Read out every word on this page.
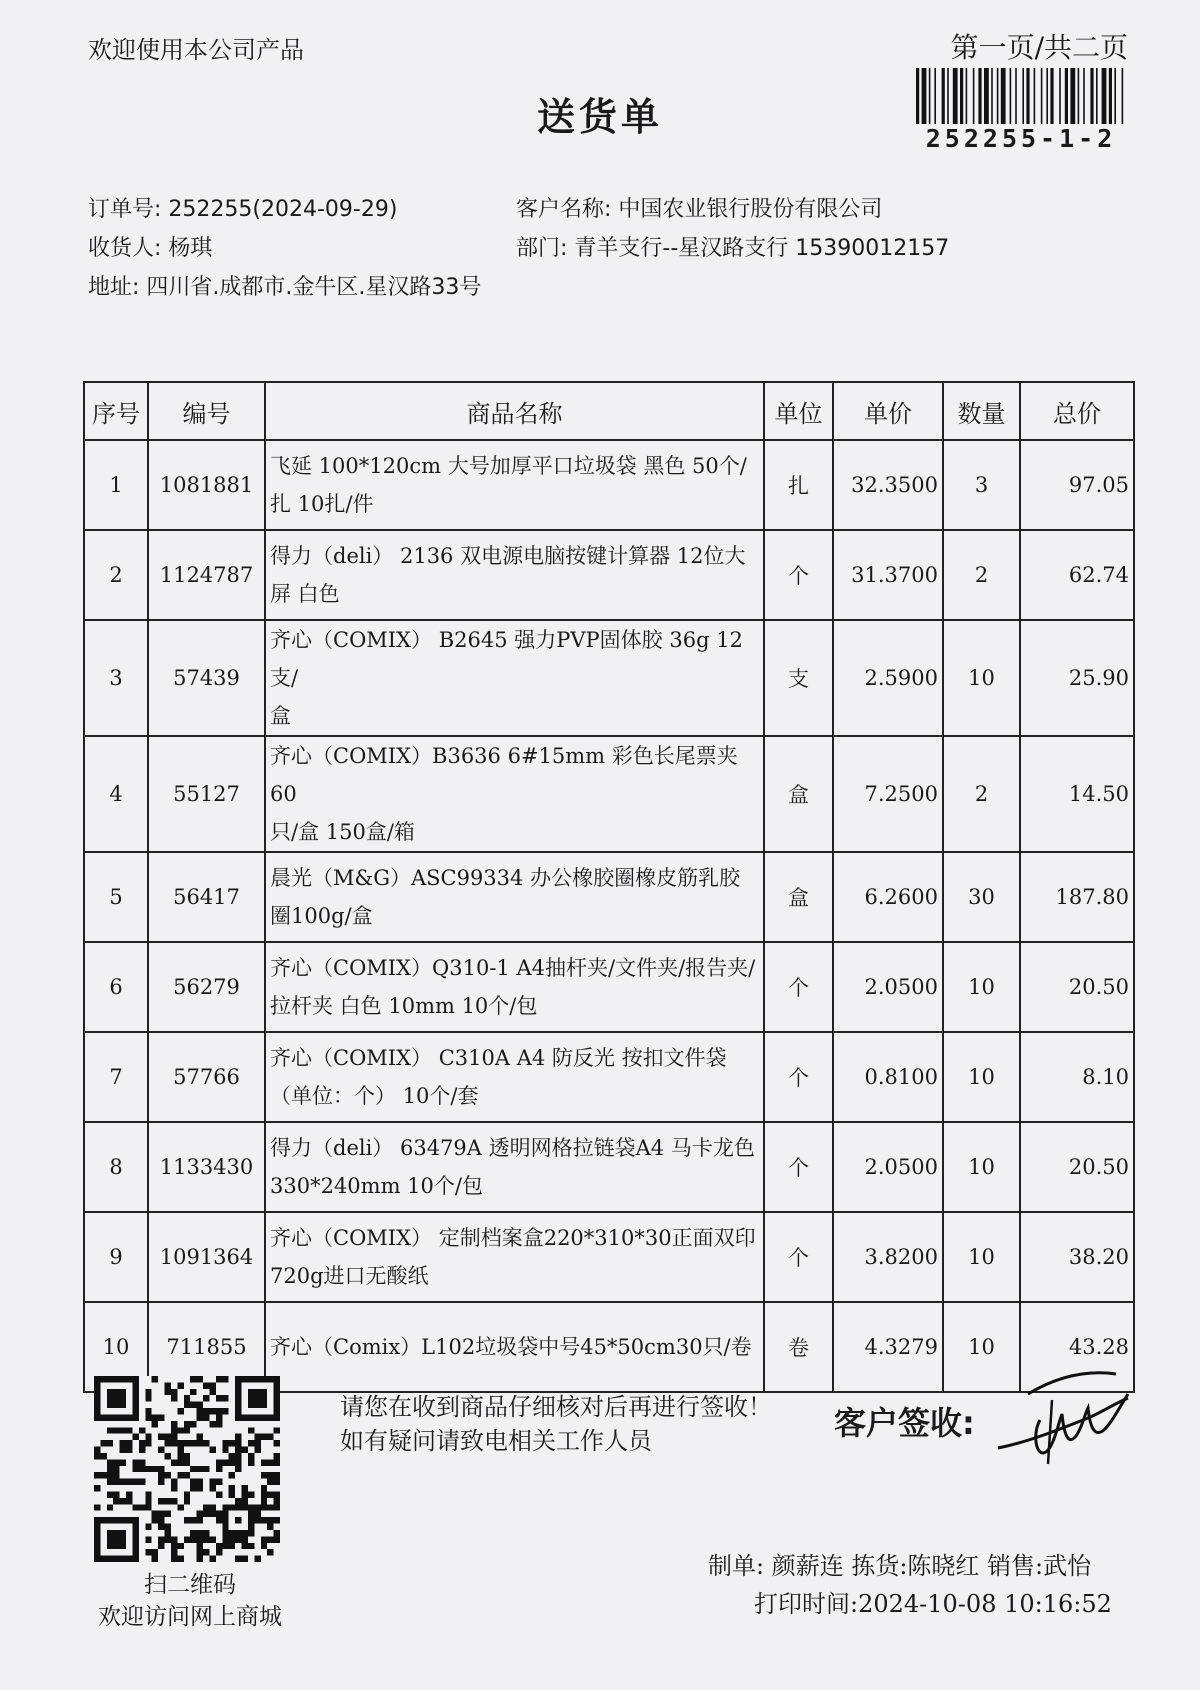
欢迎使用本公司产品	第一页/共二页
送货单	252255-1-2
订单号: 252255(2024-09-29)
收货人: 杨琪
地址: 四川省.成都市.金牛区.星汉路33号
客户名称: 中国农业银行股份有限公司
部门: 青羊支行--星汉路支行 15390012157
序号	编号	商品名称	单位	单价	数量	总价
1	1081881	飞延 100*120cm 大号加厚平口垃圾袋 黑色 50个/
扎 10扎/件	扎	32.3500	3	97.05
2	1124787	得力（deli） 2136 双电源电脑按键计算器 12位大
屏 白色	个	31.3700	2	62.74
3	57439	齐心（COMIX） B2645 强力PVP固体胶 36g 12支/
盒	支	2.5900	10	25.90
4	55127	齐心（COMIX）B3636 6#15mm 彩色长尾票夹 60
只/盒 150盒/箱	盒	7.2500	2	14.50
5	56417	晨光（M&G）ASC99334 办公橡胶圈橡皮筋乳胶
圈100g/盒	盒	6.2600	30	187.80
6	56279	齐心（COMIX）Q310-1 A4抽杆夹/文件夹/报告夹/
拉杆夹 白色 10mm 10个/包	个	2.0500	10	20.50
7	57766	齐心（COMIX） C310A A4 防反光 按扣文件袋
（单位：个） 10个/套	个	0.8100	10	8.10
8	1133430	得力（deli） 63479A 透明网格拉链袋A4 马卡龙色
330*240mm 10个/包	个	2.0500	10	20.50
9	1091364	齐心（COMIX） 定制档案盒220*310*30正面双印
720g进口无酸纸	个	3.8200	10	38.20
10	711855	齐心（Comix）L102垃圾袋中号45*50cm30只/卷	卷	4.3279	10	43.28
扫二维码
欢迎访问网上商城
请您在收到商品仔细核对后再进行签收！如有疑问请致电相关工作人员	客户签收:
制单: 颜薪连 拣货:陈晓红 销售:武怡
打印时间:2024-10-08 10:16:52
